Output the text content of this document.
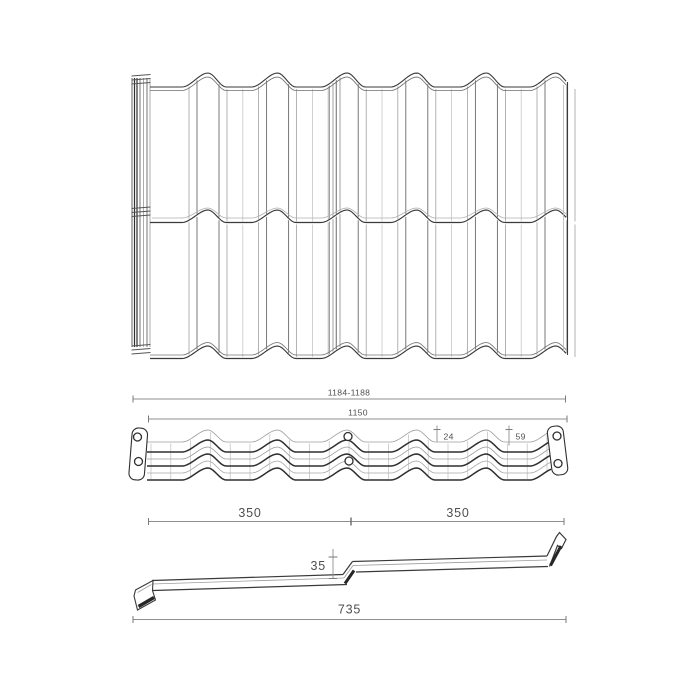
1184-1188
1150
24	59
350	350
35
735
